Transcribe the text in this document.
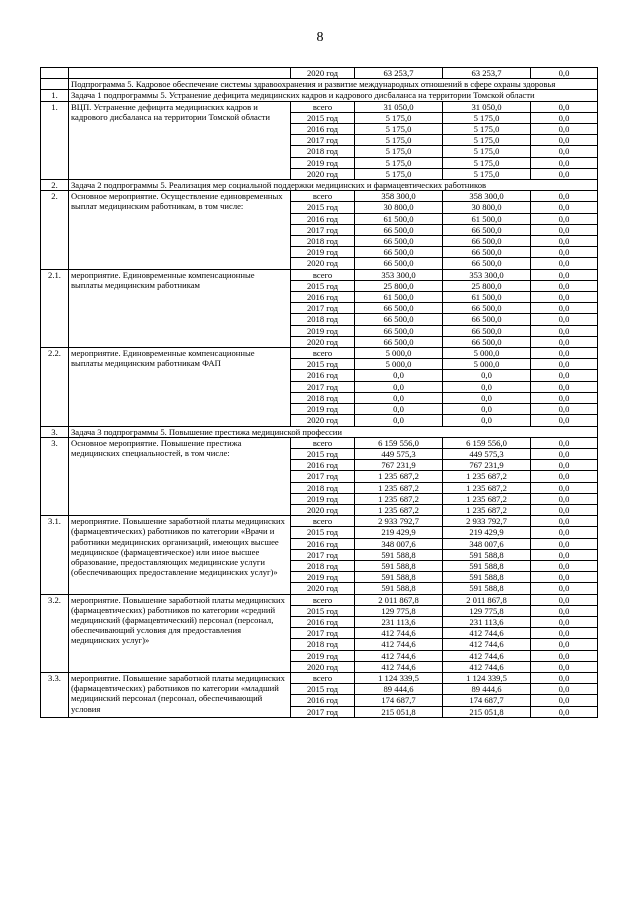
8
		2020 год	63 253,7	63 253,7	0,0
	Подпрограмма 5. Кадровое обеспечение системы здравоохранения и развитие международных отношений в сфере охраны здоровья				
1.	Задача 1 подпрограммы 5. Устранение дефицита медицинских кадров и кадрового дисбаланса на территории Томской области				
1.	ВЦП. Устранение дефицита медицинских кадров и кадрового дисбаланса на территории Томской области	всего	31 050,0	31 050,0	0,0
		2015 год	5 175,0	5 175,0	0,0
		2016 год	5 175,0	5 175,0	0,0
		2017 год	5 175,0	5 175,0	0,0
		2018 год	5 175,0	5 175,0	0,0
		2019 год	5 175,0	5 175,0	0,0
		2020 год	5 175,0	5 175,0	0,0
2.	Задача 2 подпрограммы 5. Реализация мер социальной поддержки медицинских и фармацевтических работников				
2.	Основное мероприятие. Осуществление единовременных выплат медицинским работникам, в том числе:	всего	358 300,0	358 300,0	0,0
		2015 год	30 800,0	30 800,0	0,0
		2016 год	61 500,0	61 500,0	0,0
		2017 год	66 500,0	66 500,0	0,0
		2018 год	66 500,0	66 500,0	0,0
		2019 год	66 500,0	66 500,0	0,0
		2020 год	66 500,0	66 500,0	0,0
2.1.	мероприятие. Единовременные компенсационные выплаты медицинским работникам	всего	353 300,0	353 300,0	0,0
		2015 год	25 800,0	25 800,0	0,0
		2016 год	61 500,0	61 500,0	0,0
		2017 год	66 500,0	66 500,0	0,0
		2018 год	66 500,0	66 500,0	0,0
		2019 год	66 500,0	66 500,0	0,0
		2020 год	66 500,0	66 500,0	0,0
2.2.	мероприятие. Единовременные компенсационные выплаты медицинским работникам ФАП	всего	5 000,0	5 000,0	0,0
		2015 год	5 000,0	5 000,0	0,0
		2016 год	0,0	0,0	0,0
		2017 год	0,0	0,0	0,0
		2018 год	0,0	0,0	0,0
		2019 год	0,0	0,0	0,0
		2020 год	0,0	0,0	0,0
3.	Задача 3 подпрограммы 5. Повышение престижа медицинской профессии				
3.	Основное мероприятие. Повышение престижа медицинских специальностей, в том числе:	всего	6 159 556,0	6 159 556,0	0,0
		2015 год	449 575,3	449 575,3	0,0
		2016 год	767 231,9	767 231,9	0,0
		2017 год	1 235 687,2	1 235 687,2	0,0
		2018 год	1 235 687,2	1 235 687,2	0,0
		2019 год	1 235 687,2	1 235 687,2	0,0
		2020 год	1 235 687,2	1 235 687,2	0,0
3.1.	мероприятие. Повышение заработной платы медицинских (фармацевтических) работников по категории «Врачи и работники медицинских организаций, имеющих высшее медицинское (фармацевтическое) или иное высшее образование, предоставляющих медицинские услуги (обеспечивающих предоставление медицинских услуг)»	всего	2 933 792,7	2 933 792,7	0,0
		2015 год	219 429,9	219 429,9	0,0
		2016 год	348 007,6	348 007,6	0,0
		2017 год	591 588,8	591 588,8	0,0
		2018 год	591 588,8	591 588,8	0,0
		2019 год	591 588,8	591 588,8	0,0
		2020 год	591 588,8	591 588,8	0,0
3.2.	мероприятие. Повышение заработной платы медицинских (фармацевтических) работников по категории «средний медицинский (фармацевтический) персонал (персонал, обеспечивающий условия для предоставления медицинских услуг)»	всего	2 011 867,8	2 011 867,8	0,0
		2015 год	129 775,8	129 775,8	0,0
		2016 год	231 113,6	231 113,6	0,0
		2017 год	412 744,6	412 744,6	0,0
		2018 год	412 744,6	412 744,6	0,0
		2019 год	412 744,6	412 744,6	0,0
		2020 год	412 744,6	412 744,6	0,0
3.3.	мероприятие. Повышение заработной платы медицинских (фармацевтических) работников по категории «младший медицинский персонал (персонал, обеспечивающий условия	всего	1 124 339,5	1 124 339,5	0,0
		2015 год	89 444,6	89 444,6	0,0
		2016 год	174 687,7	174 687,7	0,0
		2017 год	215 051,8	215 051,8	0,0
